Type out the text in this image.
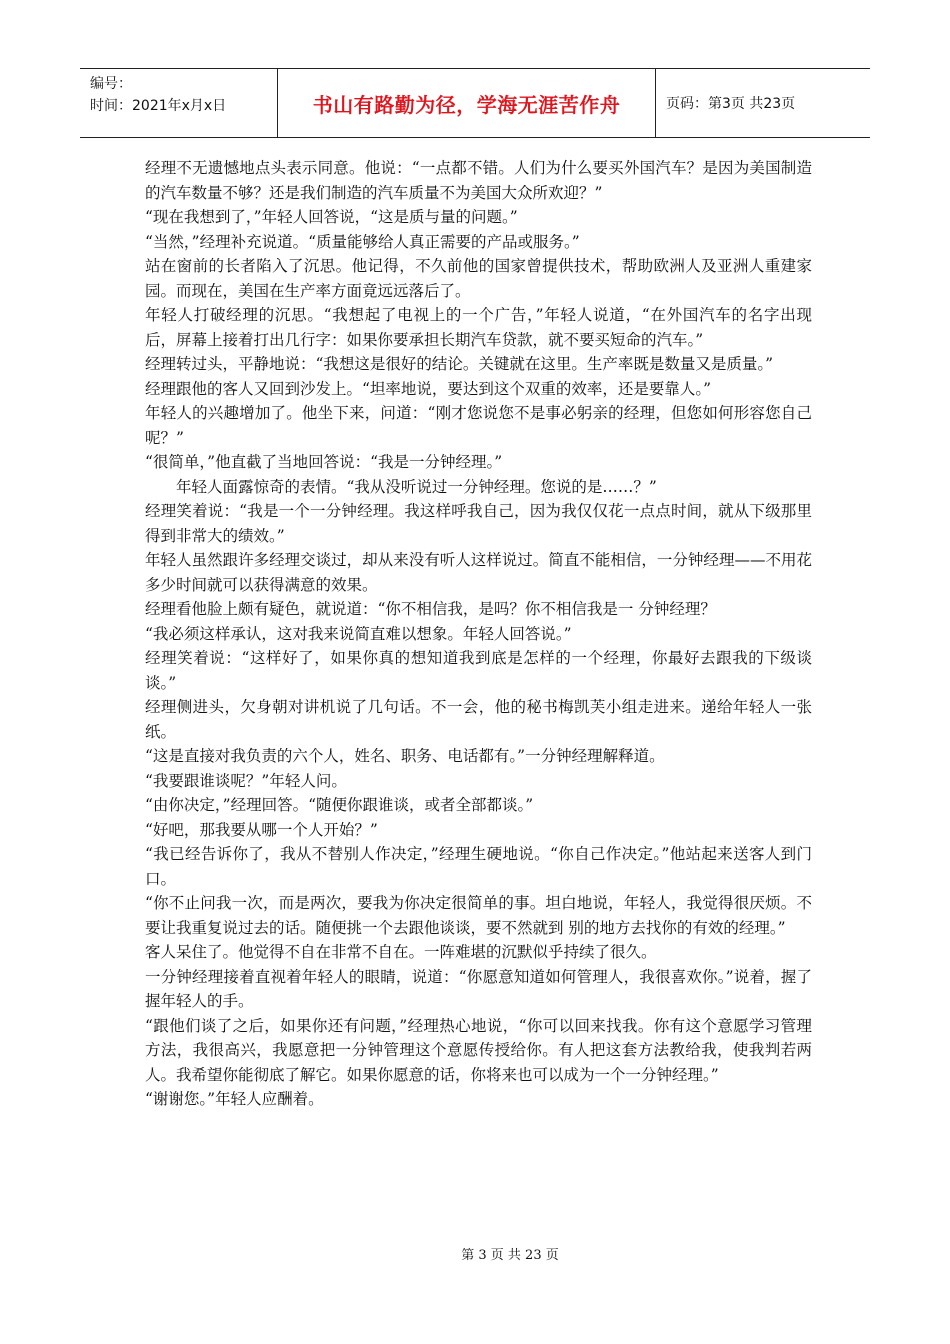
编号：
时间：2021年x月x日	书山有路勤为径，学海无涯苦作舟	页码：第3页 共23页

经理不无遗憾地点头表示同意。他说：“一点都不错。人们为什么要买外国汽车？是因为美国制造的汽车数量不够？还是我们制造的汽车质量不为美国大众所欢迎？”

“现在我想到了，”年轻人回答说，“这是质与量的问题。”

“当然，”经理补充说道。“质量能够给人真正需要的产品或服务。”

站在窗前的长者陷入了沉思。他记得，不久前他的国家曾提供技术，帮助欧洲人及亚洲人重建家园。而现在，美国在生产率方面竟远远落后了。

年轻人打破经理的沉思。“我想起了电视上的一个广告，”年轻人说道，“在外国汽车的名字出现后，屏幕上接着打出几行字：如果你要承担长期汽车贷款，就不要买短命的汽车。”

经理转过头，平静地说：“我想这是很好的结论。关键就在这里。生产率既是数量又是质量。”

经理跟他的客人又回到沙发上。“坦率地说，要达到这个双重的效率，还是要靠人。”

年轻人的兴趣增加了。他坐下来，问道：“刚才您说您不是事必躬亲的经理，但您如何形容您自己呢？”

“很简单，”他直截了当地回答说：“我是一分钟经理。”

年轻人面露惊奇的表情。“我从没听说过一分钟经理。您说的是……？”

经理笑着说：“我是一个一分钟经理。我这样呼我自己，因为我仅仅花一点点时间，就从下级那里得到非常大的绩效。”

年轻人虽然跟许多经理交谈过，却从来没有听人这样说过。简直不能相信，一分钟经理——不用花多少时间就可以获得满意的效果。

经理看他脸上颇有疑色，就说道：“你不相信我，是吗？你不相信我是一 分钟经理？

“我必须这样承认，这对我来说简直难以想象。年轻人回答说。”

经理笑着说：“这样好了，如果你真的想知道我到底是怎样的一个经理，你最好去跟我的下级谈谈。”

经理侧进头，欠身朝对讲机说了几句话。不一会，他的秘书梅凯芙小组走进来。递给年轻人一张纸。

“这是直接对我负责的六个人，姓名、职务、电话都有。”一分钟经理解释道。

“我要跟谁谈呢？”年轻人问。

“由你决定，”经理回答。“随便你跟谁谈，或者全部都谈。”

“好吧，那我要从哪一个人开始？”

“我已经告诉你了，我从不替别人作决定，”经理生硬地说。“你自己作决定。”他站起来送客人到门口。

“你不止问我一次，而是两次，要我为你决定很简单的事。坦白地说，年轻人，我觉得很厌烦。不要让我重复说过去的话。随便挑一个去跟他谈谈，要不然就到 别的地方去找你的有效的经理。”

客人呆住了。他觉得不自在非常不自在。一阵难堪的沉默似乎持续了很久。

一分钟经理接着直视着年轻人的眼睛，说道：“你愿意知道如何管理人，我很喜欢你。”说着，握了握年轻人的手。

“跟他们谈了之后，如果你还有问题，”经理热心地说，“你可以回来找我。你有这个意愿学习管理方法，我很高兴，我愿意把一分钟管理这个意愿传授给你。有人把这套方法教给我，使我判若两人。我希望你能彻底了解它。如果你愿意的话，你将来也可以成为一个一分钟经理。”

“谢谢您。”年轻人应酬着。

第 3 页 共 23 页
